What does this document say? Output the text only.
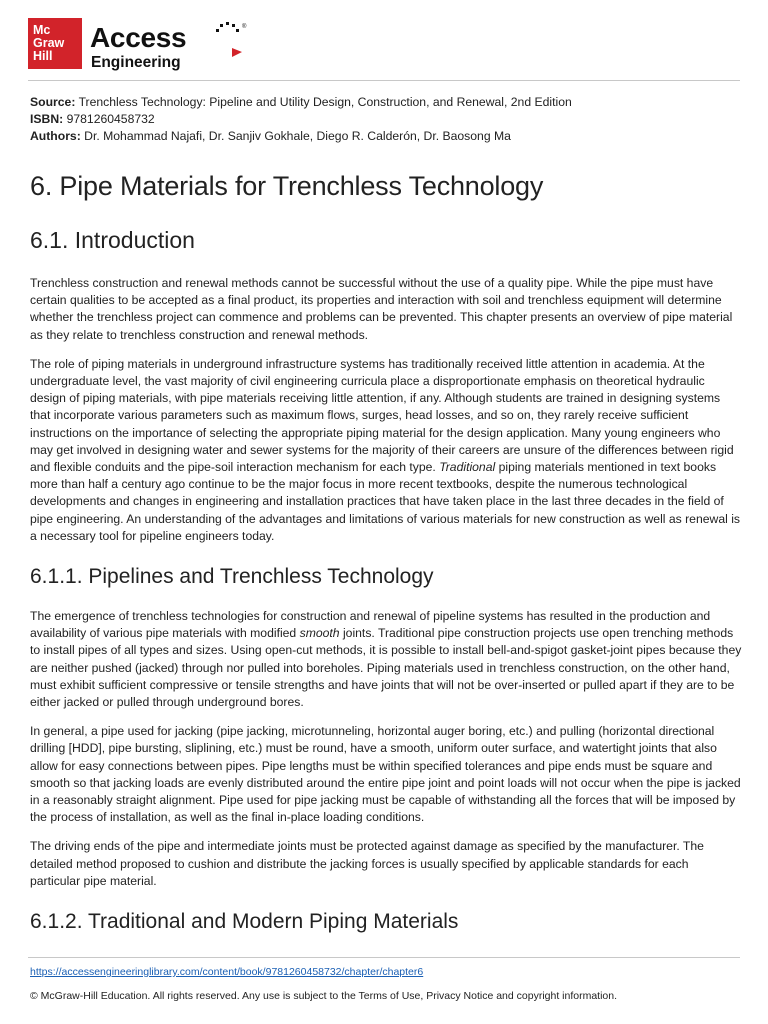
Mc
Graw
Hill
Access
Engineering
®
Source: Trenchless Technology: Pipeline and Utility Design, Construction, and Renewal, 2nd Edition
ISBN: 9781260458732
Authors: Dr. Mohammad Najafi, Dr. Sanjiv Gokhale, Diego R. Calderón, Dr. Baosong Ma
6. Pipe Materials for Trenchless Technology
6.1. Introduction

Trenchless construction and renewal methods cannot be successful without the use of a quality pipe. While the pipe must have certain qualities to be accepted as a final product, its properties and interaction with soil and trenchless equipment will determine whether the trenchless project can commence and problems can be prevented. This chapter presents an overview of pipe material as they relate to trenchless construction and renewal methods.

The role of piping materials in underground infrastructure systems has traditionally received little attention in academia. At the undergraduate level, the vast majority of civil engineering curricula place a disproportionate emphasis on theoretical hydraulic design of piping materials, with pipe materials receiving little attention, if any. Although students are trained in designing systems that incorporate various parameters such as maximum flows, surges, head losses, and so on, they rarely receive sufficient instructions on the importance of selecting the appropriate piping material for the design application. Many young engineers who may get involved in designing water and sewer systems for the majority of their careers are unsure of the differences between rigid and flexible conduits and the pipe-soil interaction mechanism for each type. Traditional piping materials mentioned in text books more than half a century ago continue to be the major focus in more recent textbooks, despite the numerous technological developments and changes in engineering and installation practices that have taken place in the last three decades in the field of pipe engineering. An understanding of the advantages and limitations of various materials for new construction as well as renewal is a necessary tool for pipeline engineers today.

6.1.1. Pipelines and Trenchless Technology

The emergence of trenchless technologies for construction and renewal of pipeline systems has resulted in the production and availability of various pipe materials with modified smooth joints. Traditional pipe construction projects use open trenching methods to install pipes of all types and sizes. Using open-cut methods, it is possible to install bell-and-spigot gasket-joint pipes because they are neither pushed (jacked) through nor pulled into boreholes. Piping materials used in trenchless construction, on the other hand, must exhibit sufficient compressive or tensile strengths and have joints that will not be over-inserted or pulled apart if they are to be either jacked or pulled through underground bores.

In general, a pipe used for jacking (pipe jacking, microtunneling, horizontal auger boring, etc.) and pulling (horizontal directional drilling [HDD], pipe bursting, sliplining, etc.) must be round, have a smooth, uniform outer surface, and watertight joints that also allow for easy connections between pipes. Pipe lengths must be within specified tolerances and pipe ends must be square and smooth so that jacking loads are evenly distributed around the entire pipe joint and point loads will not occur when the pipe is jacked in a reasonably straight alignment. Pipe used for pipe jacking must be capable of withstanding all the forces that will be imposed by the process of installation, as well as the final in-place loading conditions.

The driving ends of the pipe and intermediate joints must be protected against damage as specified by the manufacturer. The detailed method proposed to cushion and distribute the jacking forces is usually specified by applicable standards for each particular pipe material.

6.1.2. Traditional and Modern Piping Materials
https://accessengineeringlibrary.com/content/book/9781260458732/chapter/chapter6
© McGraw-Hill Education. All rights reserved. Any use is subject to the Terms of Use, Privacy Notice and copyright information.
